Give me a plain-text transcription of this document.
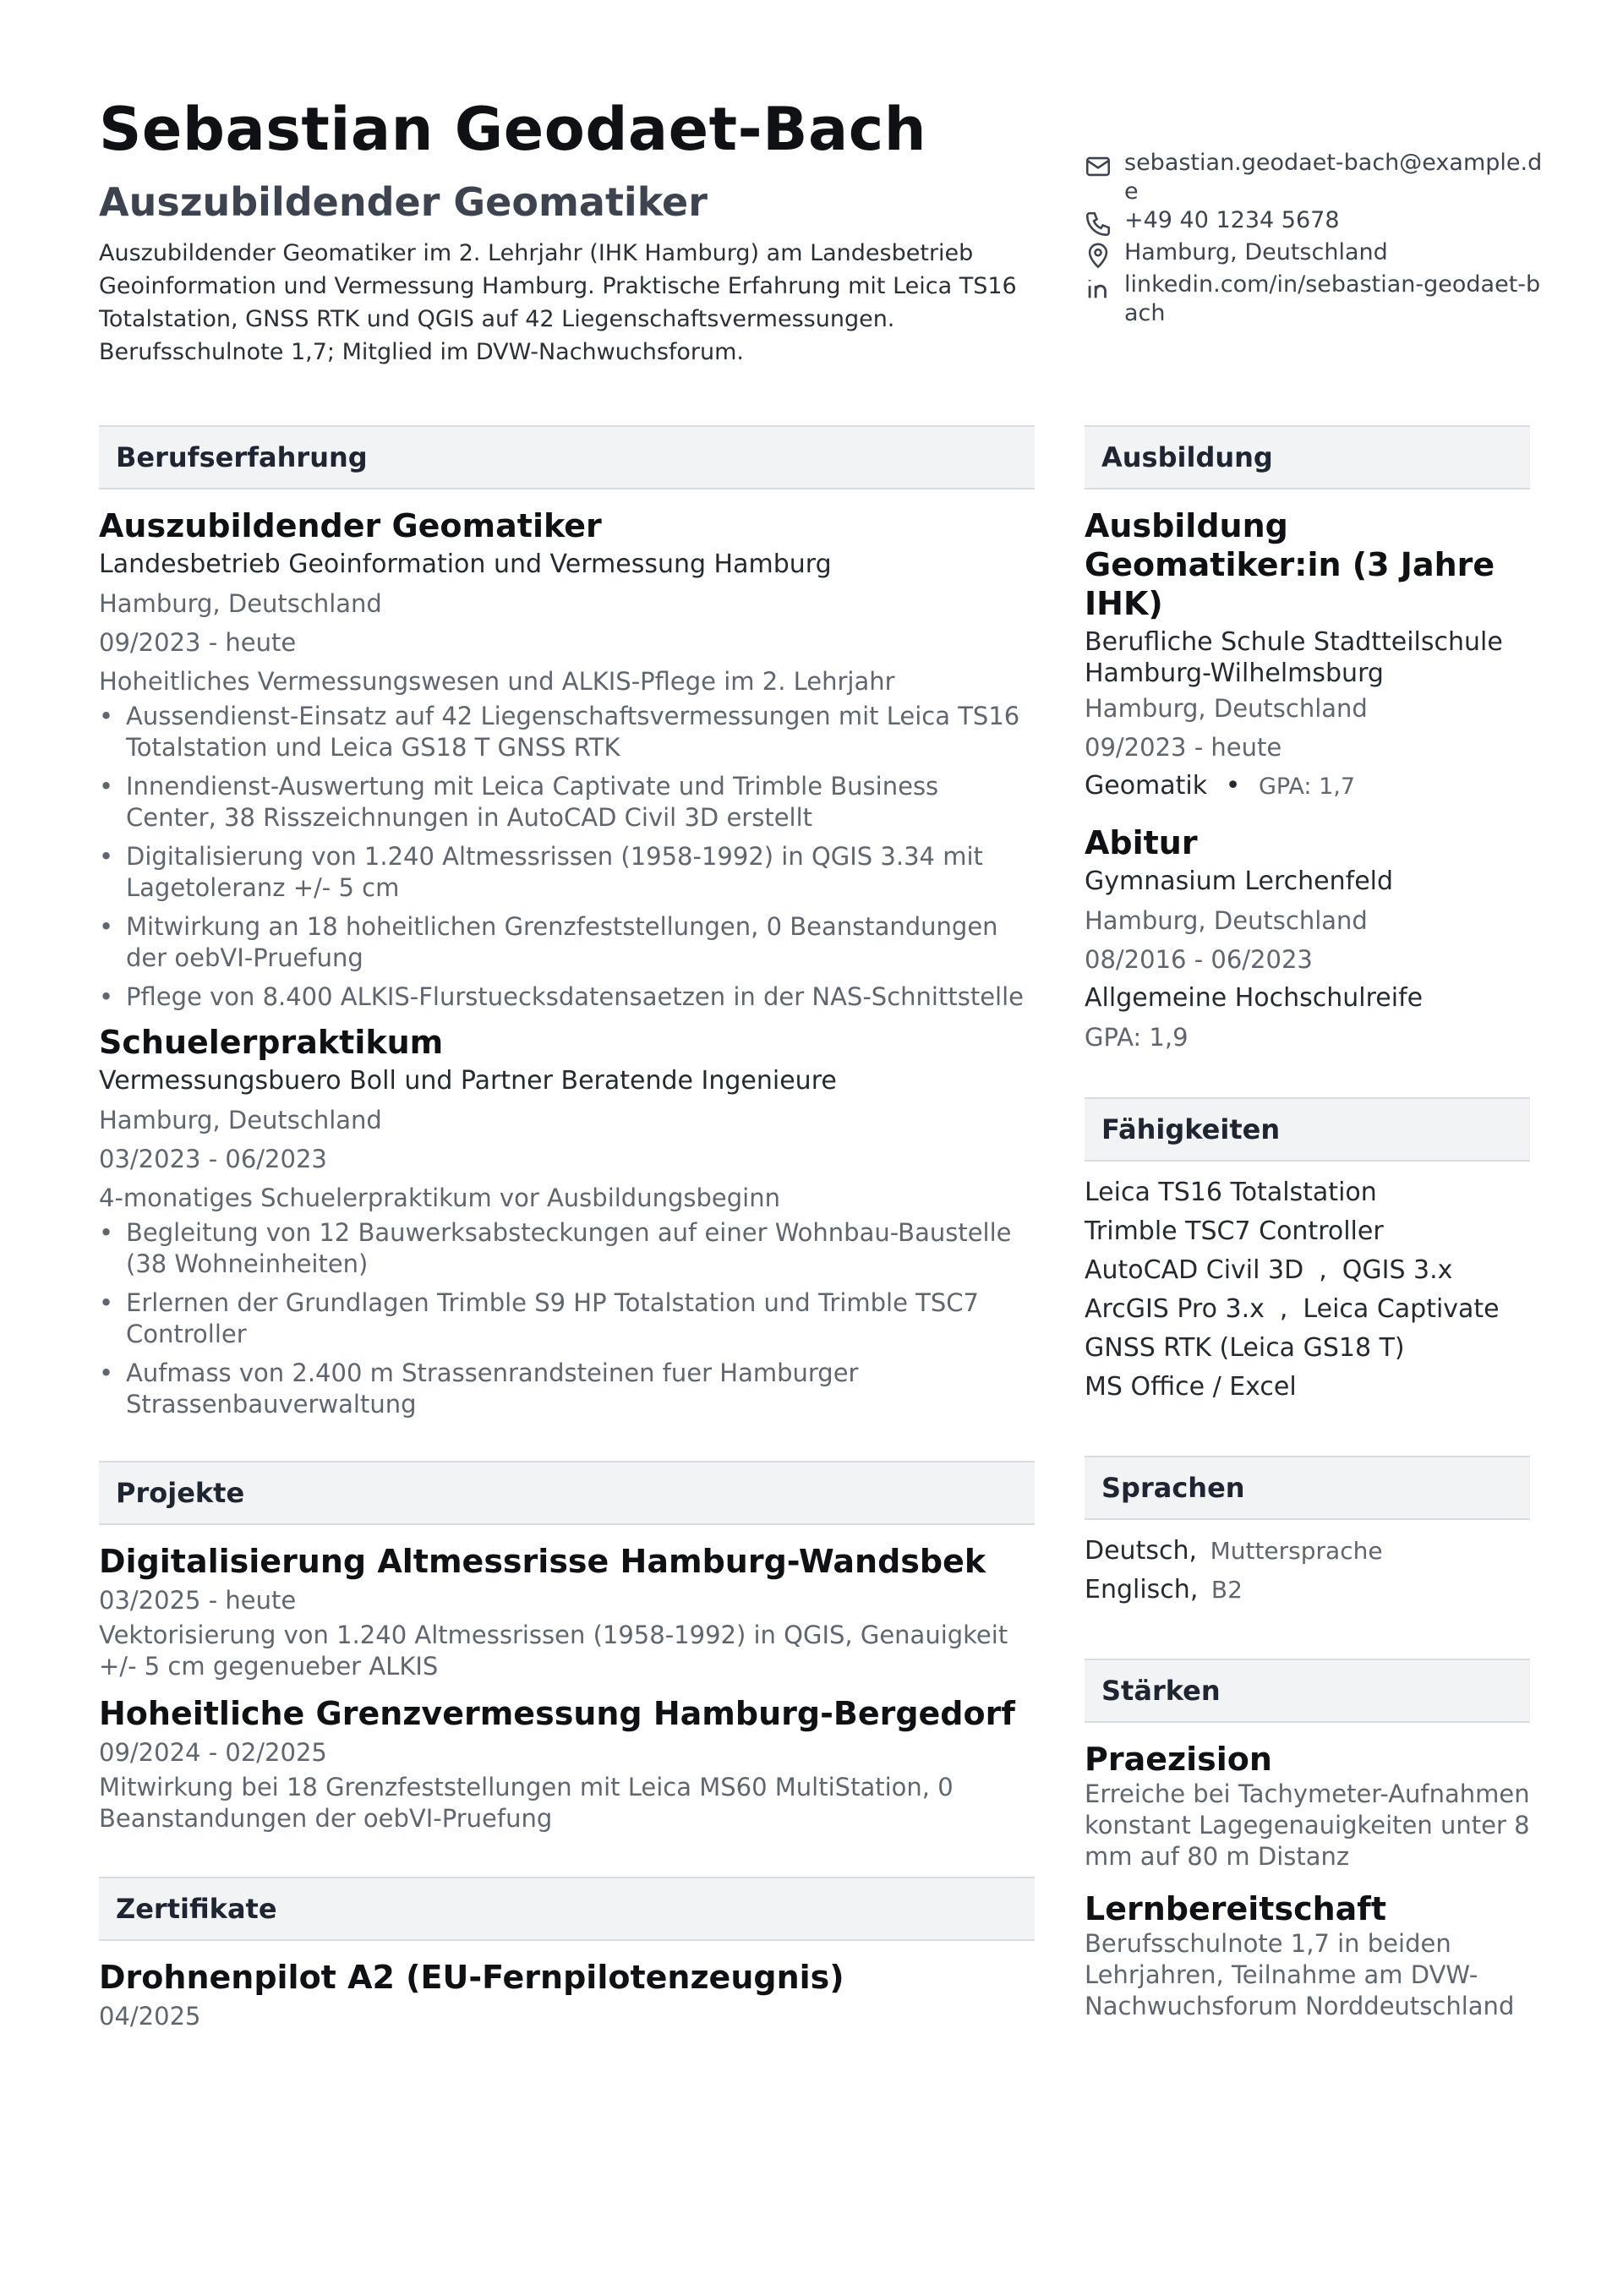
Sebastian Geodaet-Bach
Auszubildender Geomatiker

Auszubildender Geomatiker im 2. Lehrjahr (IHK Hamburg) am Landesbetrieb Geoinformation und Vermessung Hamburg. Praktische Erfahrung mit Leica TS16 Totalstation, GNSS RTK und QGIS auf 42 Liegenschaftsvermessungen. Berufsschulnote 1,7; Mitglied im DVW-Nachwuchsforum.

sebastian.geodaet-bach@example.de
+49 40 1234 5678
Hamburg, Deutschland
linkedin.com/in/sebastian-geodaet-bach
Berufserfahrung
Auszubildender Geomatiker
Landesbetrieb Geoinformation und Vermessung Hamburg
Hamburg, Deutschland
09/2023 - heute
Hoheitliches Vermessungswesen und ALKIS-Pflege im 2. Lehrjahr
• Aussendienst-Einsatz auf 42 Liegenschaftsvermessungen mit Leica TS16 Totalstation und Leica GS18 T GNSS RTK
• Innendienst-Auswertung mit Leica Captivate und Trimble Business Center, 38 Risszeichnungen in AutoCAD Civil 3D erstellt
• Digitalisierung von 1.240 Altmessrissen (1958-1992) in QGIS 3.34 mit Lagetoleranz +/- 5 cm
• Mitwirkung an 18 hoheitlichen Grenzfeststellungen, 0 Beanstandungen der oebVI-Pruefung
• Pflege von 8.400 ALKIS-Flurstuecksdatensaetzen in der NAS-Schnittstelle
Schuelerpraktikum
Vermessungsbuero Boll und Partner Beratende Ingenieure
Hamburg, Deutschland
03/2023 - 06/2023
4-monatiges Schuelerpraktikum vor Ausbildungsbeginn
• Begleitung von 12 Bauwerksabsteckungen auf einer Wohnbau-Baustelle (38 Wohneinheiten)
• Erlernen der Grundlagen Trimble S9 HP Totalstation und Trimble TSC7 Controller
• Aufmass von 2.400 m Strassenrandsteinen fuer Hamburger Strassenbauverwaltung
Projekte
Digitalisierung Altmessrisse Hamburg-Wandsbek
03/2025 - heute
Vektorisierung von 1.240 Altmessrissen (1958-1992) in QGIS, Genauigkeit +/- 5 cm gegenueber ALKIS
Hoheitliche Grenzvermessung Hamburg-Bergedorf
09/2024 - 02/2025
Mitwirkung bei 18 Grenzfeststellungen mit Leica MS60 MultiStation, 0 Beanstandungen der oebVI-Pruefung
Zertifikate
Drohnenpilot A2 (EU-Fernpilotenzeugnis)
04/2025
Ausbildung
Ausbildung Geomatiker:in (3 Jahre IHK)
Berufliche Schule Stadtteilschule Hamburg-Wilhelmsburg
Hamburg, Deutschland
09/2023 - heute
Geomatik • GPA: 1,7
Abitur
Gymnasium Lerchenfeld
Hamburg, Deutschland
08/2016 - 06/2023
Allgemeine Hochschulreife
GPA: 1,9
Fähigkeiten
Leica TS16 Totalstation
Trimble TSC7 Controller
AutoCAD Civil 3D , QGIS 3.x
ArcGIS Pro 3.x , Leica Captivate
GNSS RTK (Leica GS18 T)
MS Office / Excel
Sprachen
Deutsch, Muttersprache
Englisch, B2
Stärken
Praezision
Erreiche bei Tachymeter-Aufnahmen konstant Lagegenauigkeiten unter 8 mm auf 80 m Distanz
Lernbereitschaft
Berufsschulnote 1,7 in beiden Lehrjahren, Teilnahme am DVW-Nachwuchsforum Norddeutschland
